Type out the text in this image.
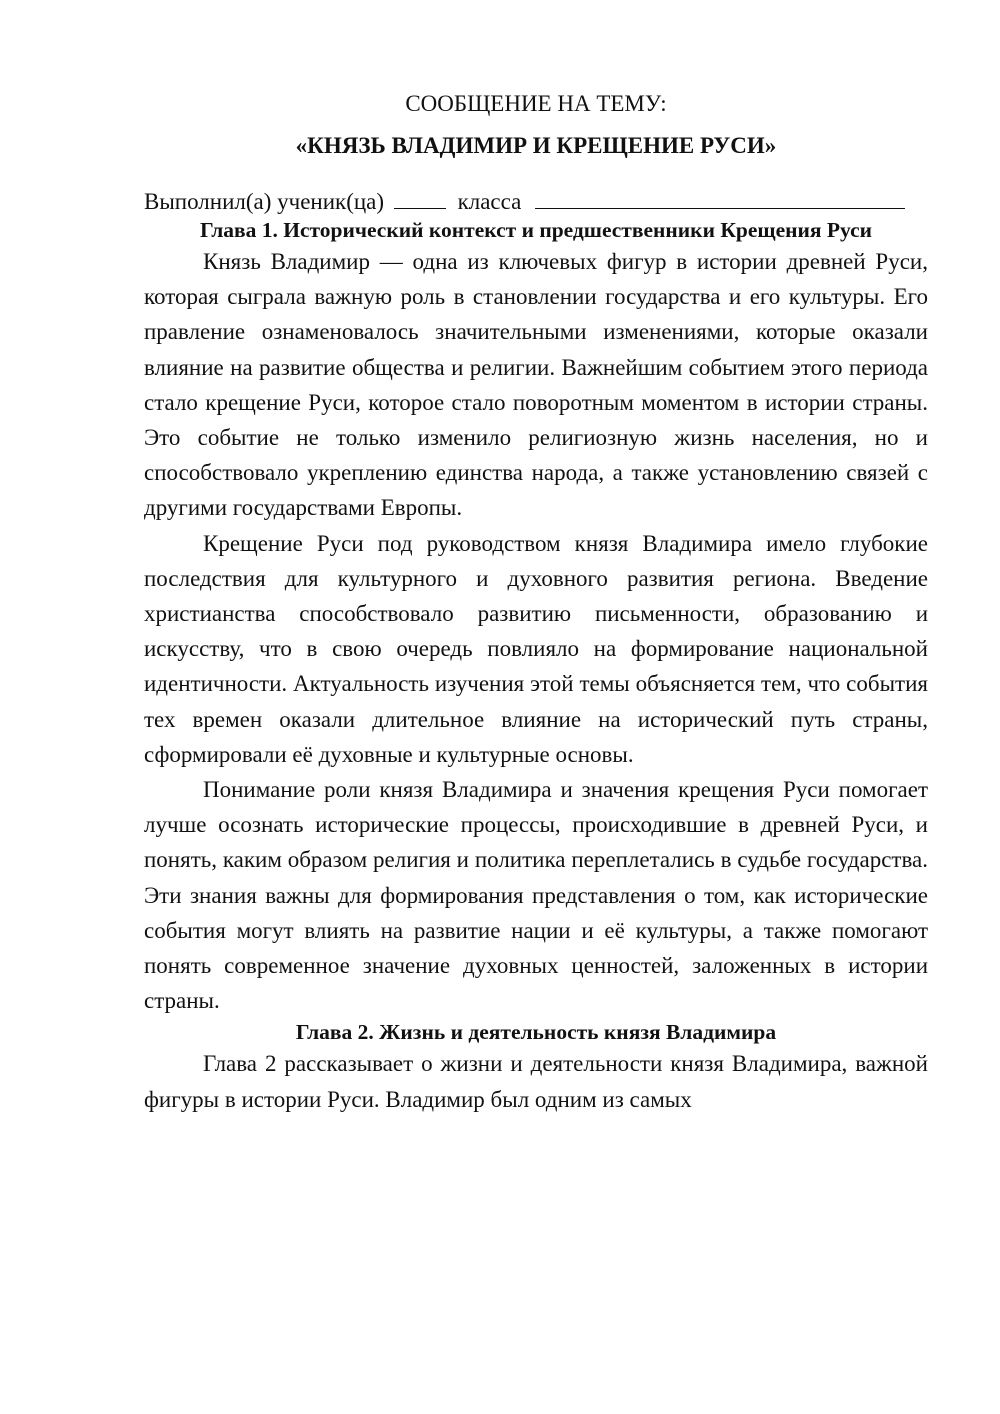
СООБЩЕНИЕ НА ТЕМУ:
«КНЯЗЬ ВЛАДИМИР И КРЕЩЕНИЕ РУСИ»
Выполнил(а) ученик(ца)	класса
Глава 1. Исторический контекст и предшественники Крещения Руси

Князь Владимир — одна из ключевых фигур в истории древней Руси, которая сыграла важную роль в становлении государства и его культуры. Его правление ознаменовалось значительными изменениями, которые оказали влияние на развитие общества и религии. Важнейшим событием этого периода стало крещение Руси, которое стало поворотным моментом в истории страны. Это событие не только изменило религиозную жизнь населения, но и способствовало укреплению единства народа, а также установлению связей с другими государствами Европы.

Крещение Руси под руководством князя Владимира имело глубокие последствия для культурного и духовного развития региона. Введение христианства способствовало развитию письменности, образованию и искусству, что в свою очередь повлияло на формирование национальной идентичности. Актуальность изучения этой темы объясняется тем, что события тех времен оказали длительное влияние на исторический путь страны, сформировали её духовные и культурные основы.

Понимание роли князя Владимира и значения крещения Руси помогает лучше осознать исторические процессы, происходившие в древней Руси, и понять, каким образом религия и политика переплетались в судьбе государства. Эти знания важны для формирования представления о том, как исторические события могут влиять на развитие нации и её культуры, а также помогают понять современное значение духовных ценностей, заложенных в истории страны.

Глава 2. Жизнь и деятельность князя Владимира

Глава 2 рассказывает о жизни и деятельности князя Владимира, важной фигуры в истории Руси. Владимир был одним из самых
